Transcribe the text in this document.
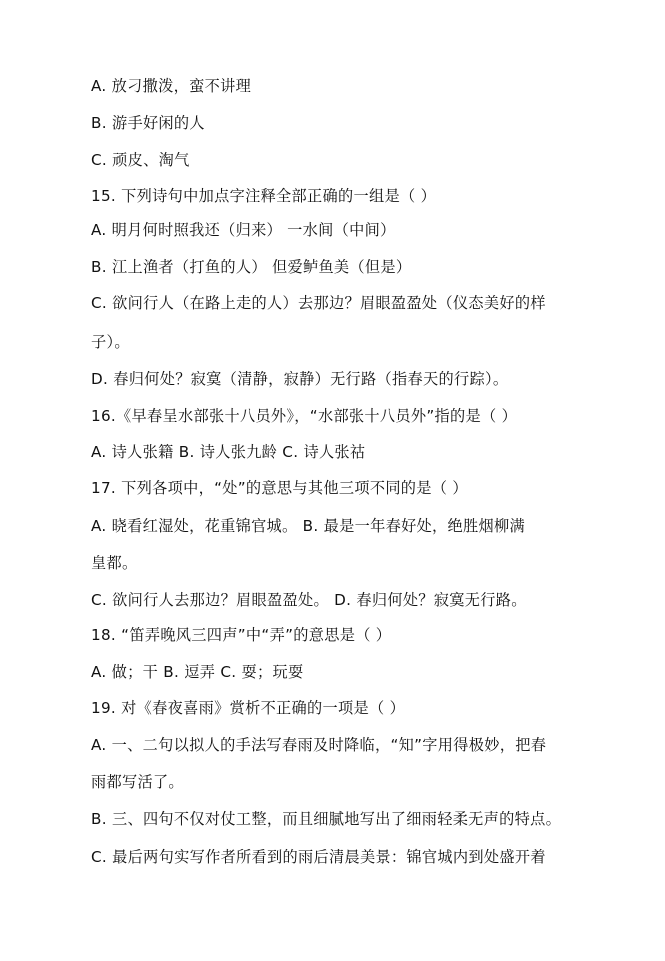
A. 放刁撒泼，蛮不讲理
B. 游手好闲的人
C. 顽皮、淘气
15. 下列诗句中加点字注释全部正确的一组是（ ）
A. 明月何时照我还（归来） 一水间（中间）
B. 江上渔者（打鱼的人） 但爱鲈鱼美（但是）
C. 欲问行人（在路上走的人）去那边？眉眼盈盈处（仪态美好的样
子）。
D. 春归何处？寂寞（清静，寂静）无行路（指春天的行踪）。
16.《早春呈水部张十八员外》，“水部张十八员外”指的是（ ）
A. 诗人张籍 B. 诗人张九龄 C. 诗人张祜
17. 下列各项中，“处”的意思与其他三项不同的是（ ）
A. 晓看红湿处，花重锦官城。 B. 最是一年春好处，绝胜烟柳满
皇都。
C. 欲问行人去那边？眉眼盈盈处。 D. 春归何处？寂寞无行路。
18. “笛弄晚风三四声”中“弄”的意思是（ ）
A. 做；干 B. 逗弄 C. 耍；玩耍
19. 对《春夜喜雨》赏析不正确的一项是（ ）
A. 一、二句以拟人的手法写春雨及时降临，“知”字用得极妙，把春
雨都写活了。
B. 三、四句不仅对仗工整，而且细腻地写出了细雨轻柔无声的特点。
C. 最后两句实写作者所看到的雨后清晨美景：锦官城内到处盛开着
